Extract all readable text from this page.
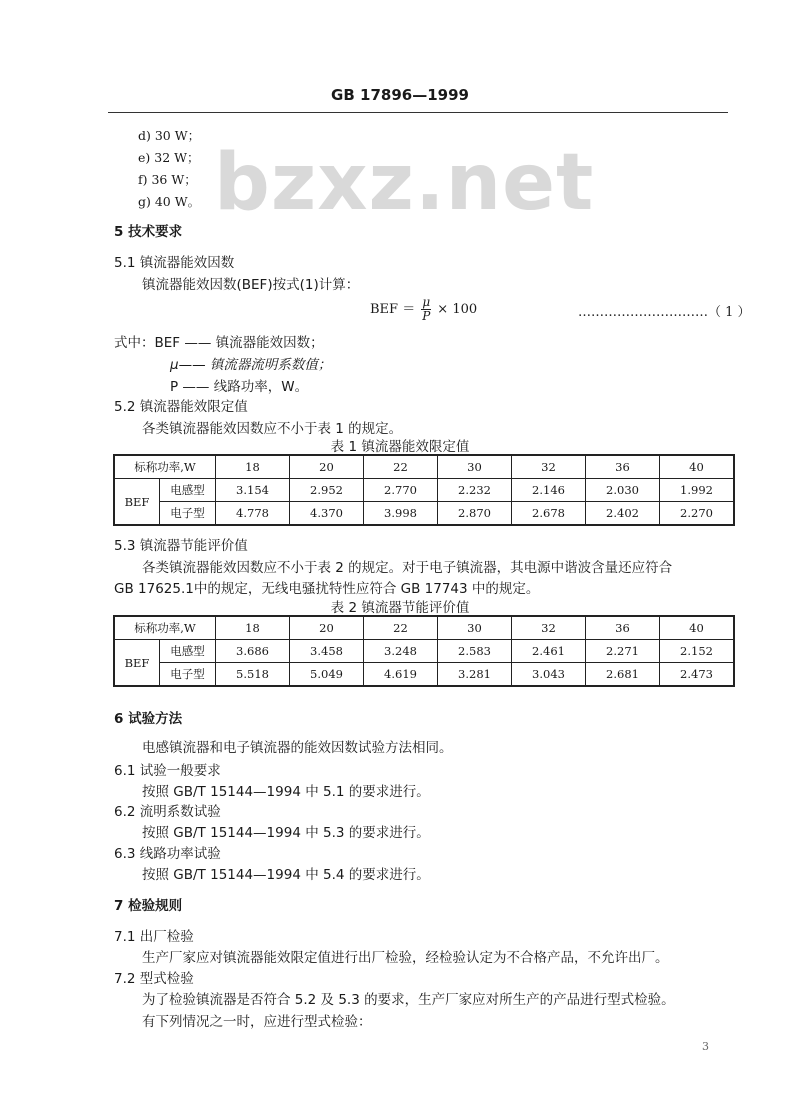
GB 17896—1999
bzxz.net
d) 30 W；
e) 32 W；
f) 36 W；
g) 40 W。
5 技术要求
5.1 镇流器能效因数
镇流器能效因数(BEF)按式(1)计算：
BEF ＝ $\frac{\mu}{P} \times 100$	…………………………（ 1 ）
式中：BEF —— 镇流器能效因数；
μ—— 镇流器流明系数值；
P —— 线路功率，W。
5.2 镇流器能效限定值
各类镇流器能效因数应不小于表 1 的规定。
表 1 镇流器能效限定值
标称功率,W		18	20	22	30	32	36	40
BEF	电感型	3.154	2.952	2.770	2.232	2.146	2.030	1.992
	电子型	4.778	4.370	3.998	2.870	2.678	2.402	2.270
5.3 镇流器节能评价值
各类镇流器能效因数应不小于表 2 的规定。对于电子镇流器，其电源中谐波含量还应符合
GB 17625.1中的规定，无线电骚扰特性应符合 GB 17743 中的规定。
表 2 镇流器节能评价值
标称功率,W		18	20	22	30	32	36	40
BEF	电感型	3.686	3.458	3.248	2.583	2.461	2.271	2.152
	电子型	5.518	5.049	4.619	3.281	3.043	2.681	2.473
6 试验方法
电感镇流器和电子镇流器的能效因数试验方法相同。
6.1 试验一般要求
按照 GB/T 15144—1994 中 5.1 的要求进行。
6.2 流明系数试验
按照 GB/T 15144—1994 中 5.3 的要求进行。
6.3 线路功率试验
按照 GB/T 15144—1994 中 5.4 的要求进行。
7 检验规则
7.1 出厂检验
生产厂家应对镇流器能效限定值进行出厂检验，经检验认定为不合格产品，不允许出厂。
7.2 型式检验
为了检验镇流器是否符合 5.2 及 5.3 的要求，生产厂家应对所生产的产品进行型式检验。
有下列情况之一时，应进行型式检验：
3
